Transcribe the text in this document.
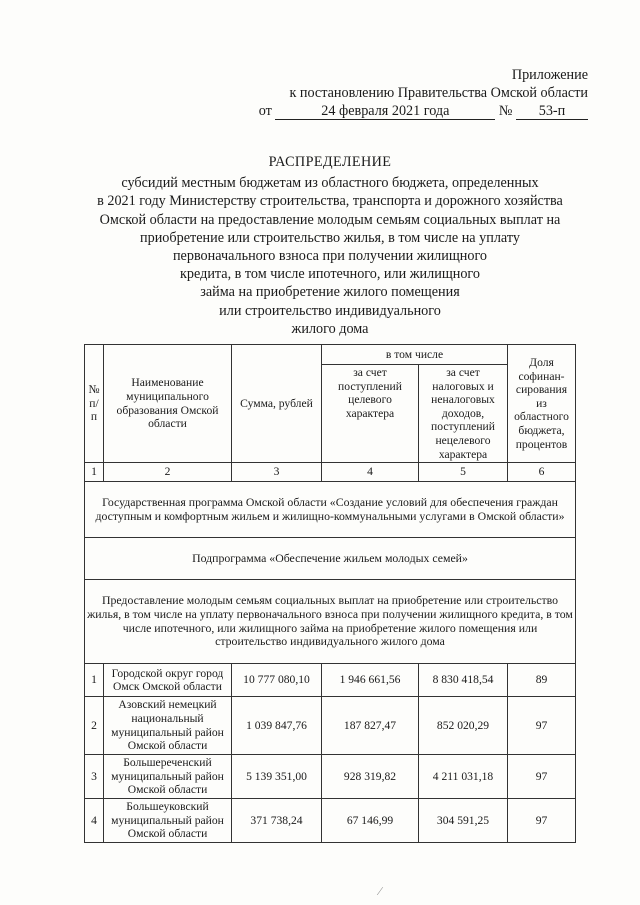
Приложение
к постановлению Правительства Омской области
от	24 февраля 2021 года	№ 53-п
РАСПРЕДЕЛЕНИЕ
субсидий местным бюджетам из областного бюджета, определенных
в 2021 году Министерству строительства, транспорта и дорожного хозяйства
Омской области на предоставление молодым семьям социальных выплат на
приобретение или строительство жилья, в том числе на уплату
первоначального взноса при получении жилищного
кредита, в том числе ипотечного, или жилищного
займа на приобретение жилого помещения
или строительство индивидуального
жилого дома
№ п/п	Наименование муниципального образования Омской области	Сумма, рублей	в том числе		Доля софинан-сирования из областного бюджета, процентов
			за счет поступлений целевого характера	за счет налоговых и неналоговых доходов, поступлений нецелевого характера	
1	2	3	4	5	6
Государственная программа Омской области «Создание условий для обеспечения граждан доступным и комфортным жильем и жилищно-коммунальными услугами в Омской области»					
Подпрограмма «Обеспечение жильем молодых семей»					
Предоставление молодым семьям социальных выплат на приобретение или строительство жилья, в том числе на уплату первоначального взноса при получении жилищного кредита, в том числе ипотечного, или жилищного займа на приобретение жилого помещения или строительство индивидуального жилого дома					
1	Городской округ город Омск Омской области	10 777 080,10	1 946 661,56	8 830 418,54	89
2	Азовский немецкий национальный муниципальный район Омской области	1 039 847,76	187 827,47	852 020,29	97
3	Большереченский муниципальный район Омской области	5 139 351,00	928 319,82	4 211 031,18	97
4	Большеуковский муниципальный район Омской области	371 738,24	67 146,99	304 591,25	97
∕
